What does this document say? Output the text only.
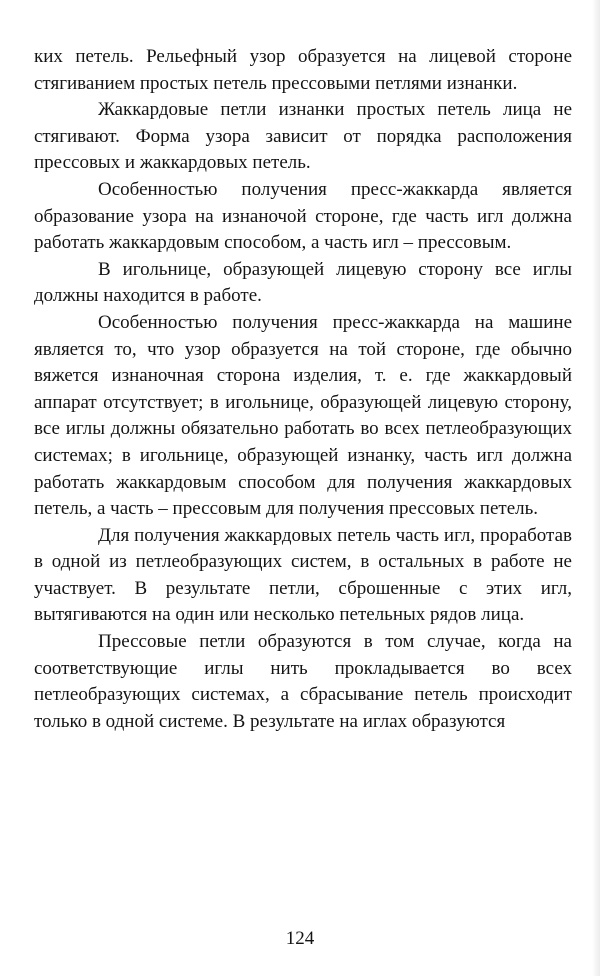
ких петель. Рельефный узор образуется на лицевой стороне стягиванием простых петель прессовыми петлями изнанки.

Жаккардовые петли изнанки простых петель лица не стягивают. Форма узора зависит от порядка расположения прессовых и жаккардовых петель.

Особенностью получения пресс-жаккарда является образование узора на изнаночой стороне, где часть игл должна работать жаккардовым способом, а часть игл – прессовым.

В игольнице, образующей лицевую сторону все иглы должны находится в работе.

Особенностью получения пресс-жаккарда на машине является то, что узор образуется на той стороне, где обычно вяжется изнаночная сторона изделия, т. е. где жаккардовый аппарат отсутствует; в игольнице, образующей лицевую сторону, все иглы должны обязательно работать во всех петлеобразующих системах; в игольнице, образующей изнанку, часть игл должна работать жаккардовым способом для получения жаккардовых петель, а часть – прессовым для получения прессовых петель.

Для получения жаккардовых петель часть игл, проработав в одной из петлеобразующих систем, в остальных в работе не участвует. В результате петли, сброшенные с этих игл, вытягиваются на один или несколько петельных рядов лица.

Прессовые петли образуются в том случае, когда на соответствующие иглы нить прокладывается во всех петлеобразующих системах, а сбрасывание петель происходит только в одной системе. В результате на иглах образуются

124
